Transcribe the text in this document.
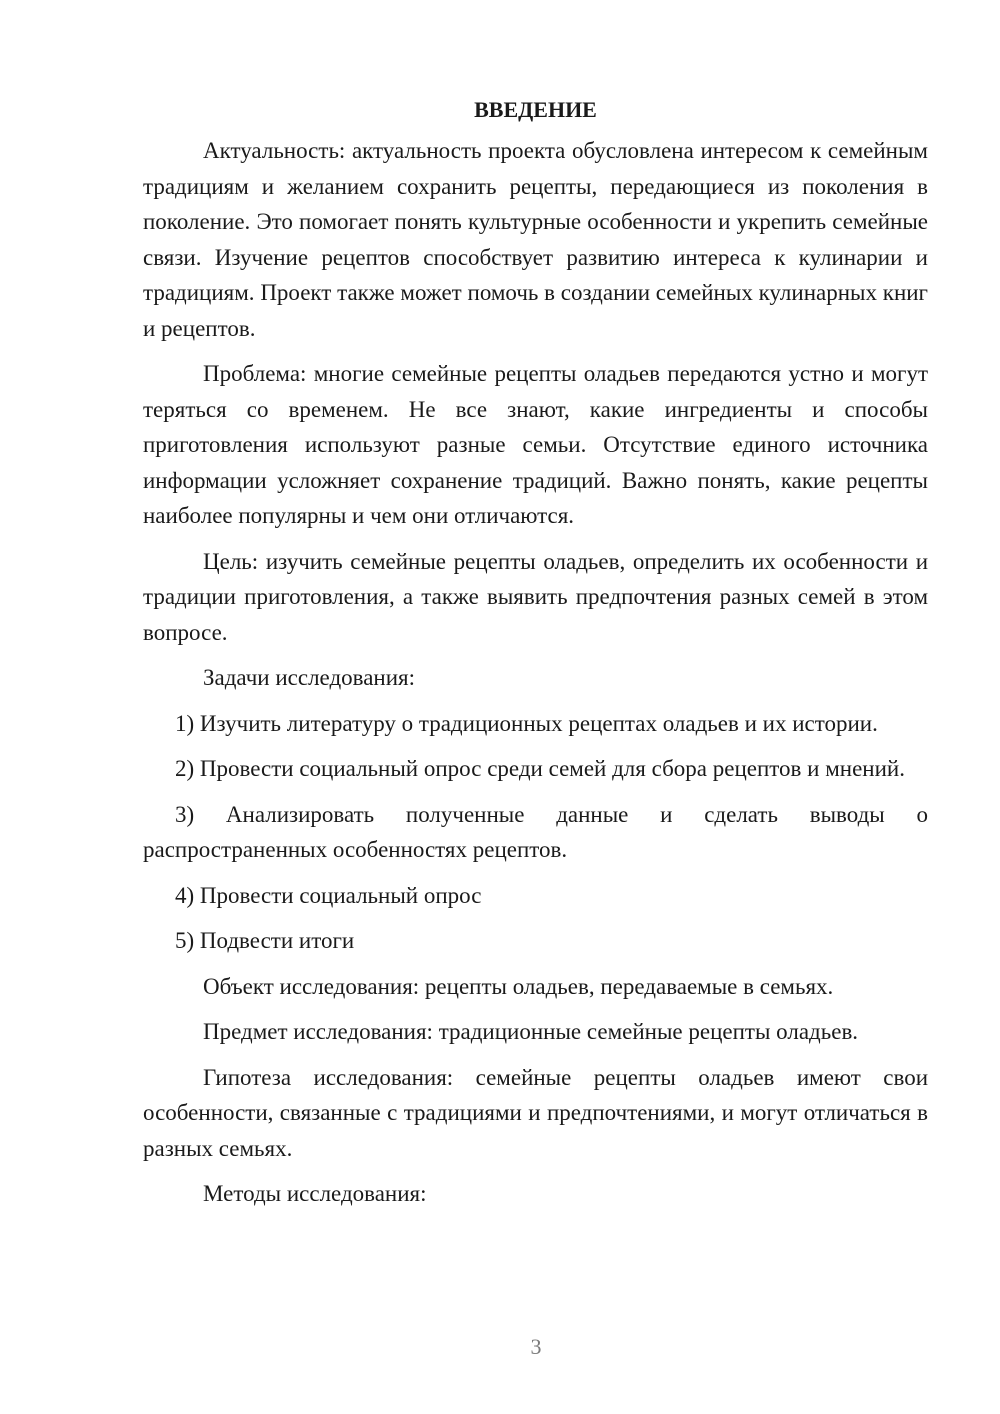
ВВЕДЕНИЕ

Актуальность: актуальность проекта обусловлена интересом к семейным традициям и желанием сохранить рецепты, передающиеся из поколения в поколение. Это помогает понять культурные особенности и укрепить семейные связи. Изучение рецептов способствует развитию интереса к кулинарии и традициям. Проект также может помочь в создании семейных кулинарных книг и рецептов.

Проблема: многие семейные рецепты оладьев передаются устно и могут теряться со временем. Не все знают, какие ингредиенты и способы приготовления используют разные семьи. Отсутствие единого источника информации усложняет сохранение традиций. Важно понять, какие рецепты наиболее популярны и чем они отличаются.

Цель: изучить семейные рецепты оладьев, определить их особенности и традиции приготовления, а также выявить предпочтения разных семей в этом вопросе.

Задачи исследования:

1) Изучить литературу о традиционных рецептах оладьев и их истории.

2) Провести социальный опрос среди семей для сбора рецептов и мнений.

3) Анализировать полученные данные и сделать выводы о распространенных особенностях рецептов.

4) Провести социальный опрос

5) Подвести итоги

Объект исследования: рецепты оладьев, передаваемые в семьях.

Предмет исследования: традиционные семейные рецепты оладьев.

Гипотеза исследования: семейные рецепты оладьев имеют свои особенности, связанные с традициями и предпочтениями, и могут отличаться в разных семьях.

Методы исследования:

3
